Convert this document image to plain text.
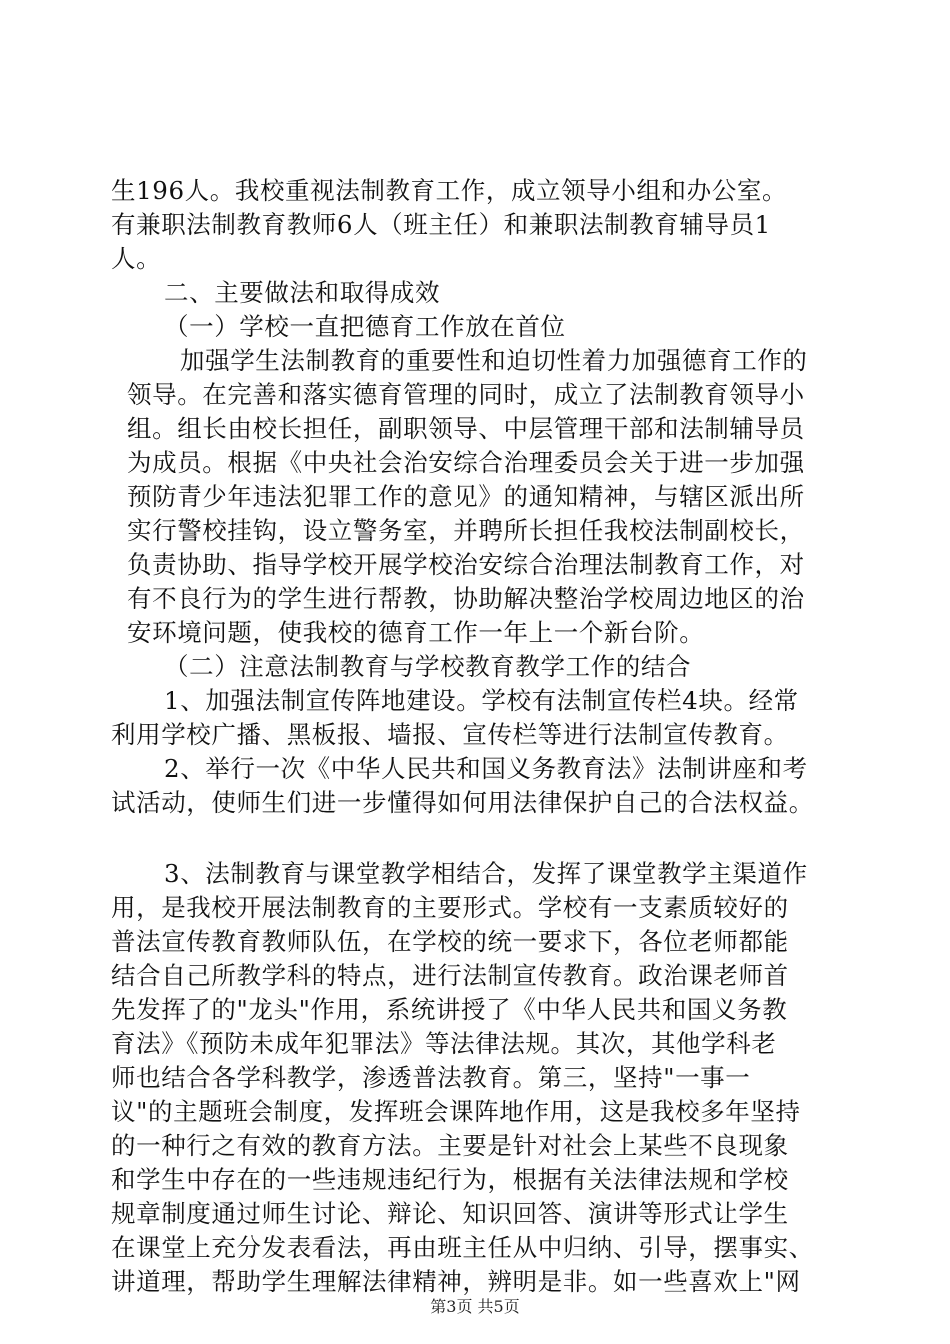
生196人。我校重视法制教育工作，成立领导小组和办公室。
有兼职法制教育教师6人（班主任）和兼职法制教育辅导员1
人。
二、主要做法和取得成效
（一）学校一直把德育工作放在首位
加强学生法制教育的重要性和迫切性着力加强德育工作的
领导。在完善和落实德育管理的同时，成立了法制教育领导小
组。组长由校长担任，副职领导、中层管理干部和法制辅导员
为成员。根据《中央社会治安综合治理委员会关于进一步加强
预防青少年违法犯罪工作的意见》的通知精神，与辖区派出所
实行警校挂钩，设立警务室，并聘所长担任我校法制副校长，
负责协助、指导学校开展学校治安综合治理法制教育工作，对
有不良行为的学生进行帮教，协助解决整治学校周边地区的治
安环境问题，使我校的德育工作一年上一个新台阶。
（二）注意法制教育与学校教育教学工作的结合
1、加强法制宣传阵地建设。学校有法制宣传栏4块。经常
利用学校广播、黑板报、墙报、宣传栏等进行法制宣传教育。
2、举行一次《中华人民共和国义务教育法》法制讲座和考
试活动，使师生们进一步懂得如何用法律保护自己的合法权益。
3、法制教育与课堂教学相结合，发挥了课堂教学主渠道作
用，是我校开展法制教育的主要形式。学校有一支素质较好的
普法宣传教育教师队伍，在学校的统一要求下，各位老师都能
结合自己所教学科的特点，进行法制宣传教育。政治课老师首
先发挥了的"龙头"作用，系统讲授了《中华人民共和国义务教
育法》《预防未成年犯罪法》等法律法规。其次，其他学科老
师也结合各学科教学，渗透普法教育。第三，坚持"一事一
议"的主题班会制度，发挥班会课阵地作用，这是我校多年坚持
的一种行之有效的教育方法。主要是针对社会上某些不良现象
和学生中存在的一些违规违纪行为，根据有关法律法规和学校
规章制度通过师生讨论、辩论、知识回答、演讲等形式让学生
在课堂上充分发表看法，再由班主任从中归纳、引导，摆事实、
讲道理，帮助学生理解法律精神，辨明是非。如一些喜欢上"网
第3页 共5页
